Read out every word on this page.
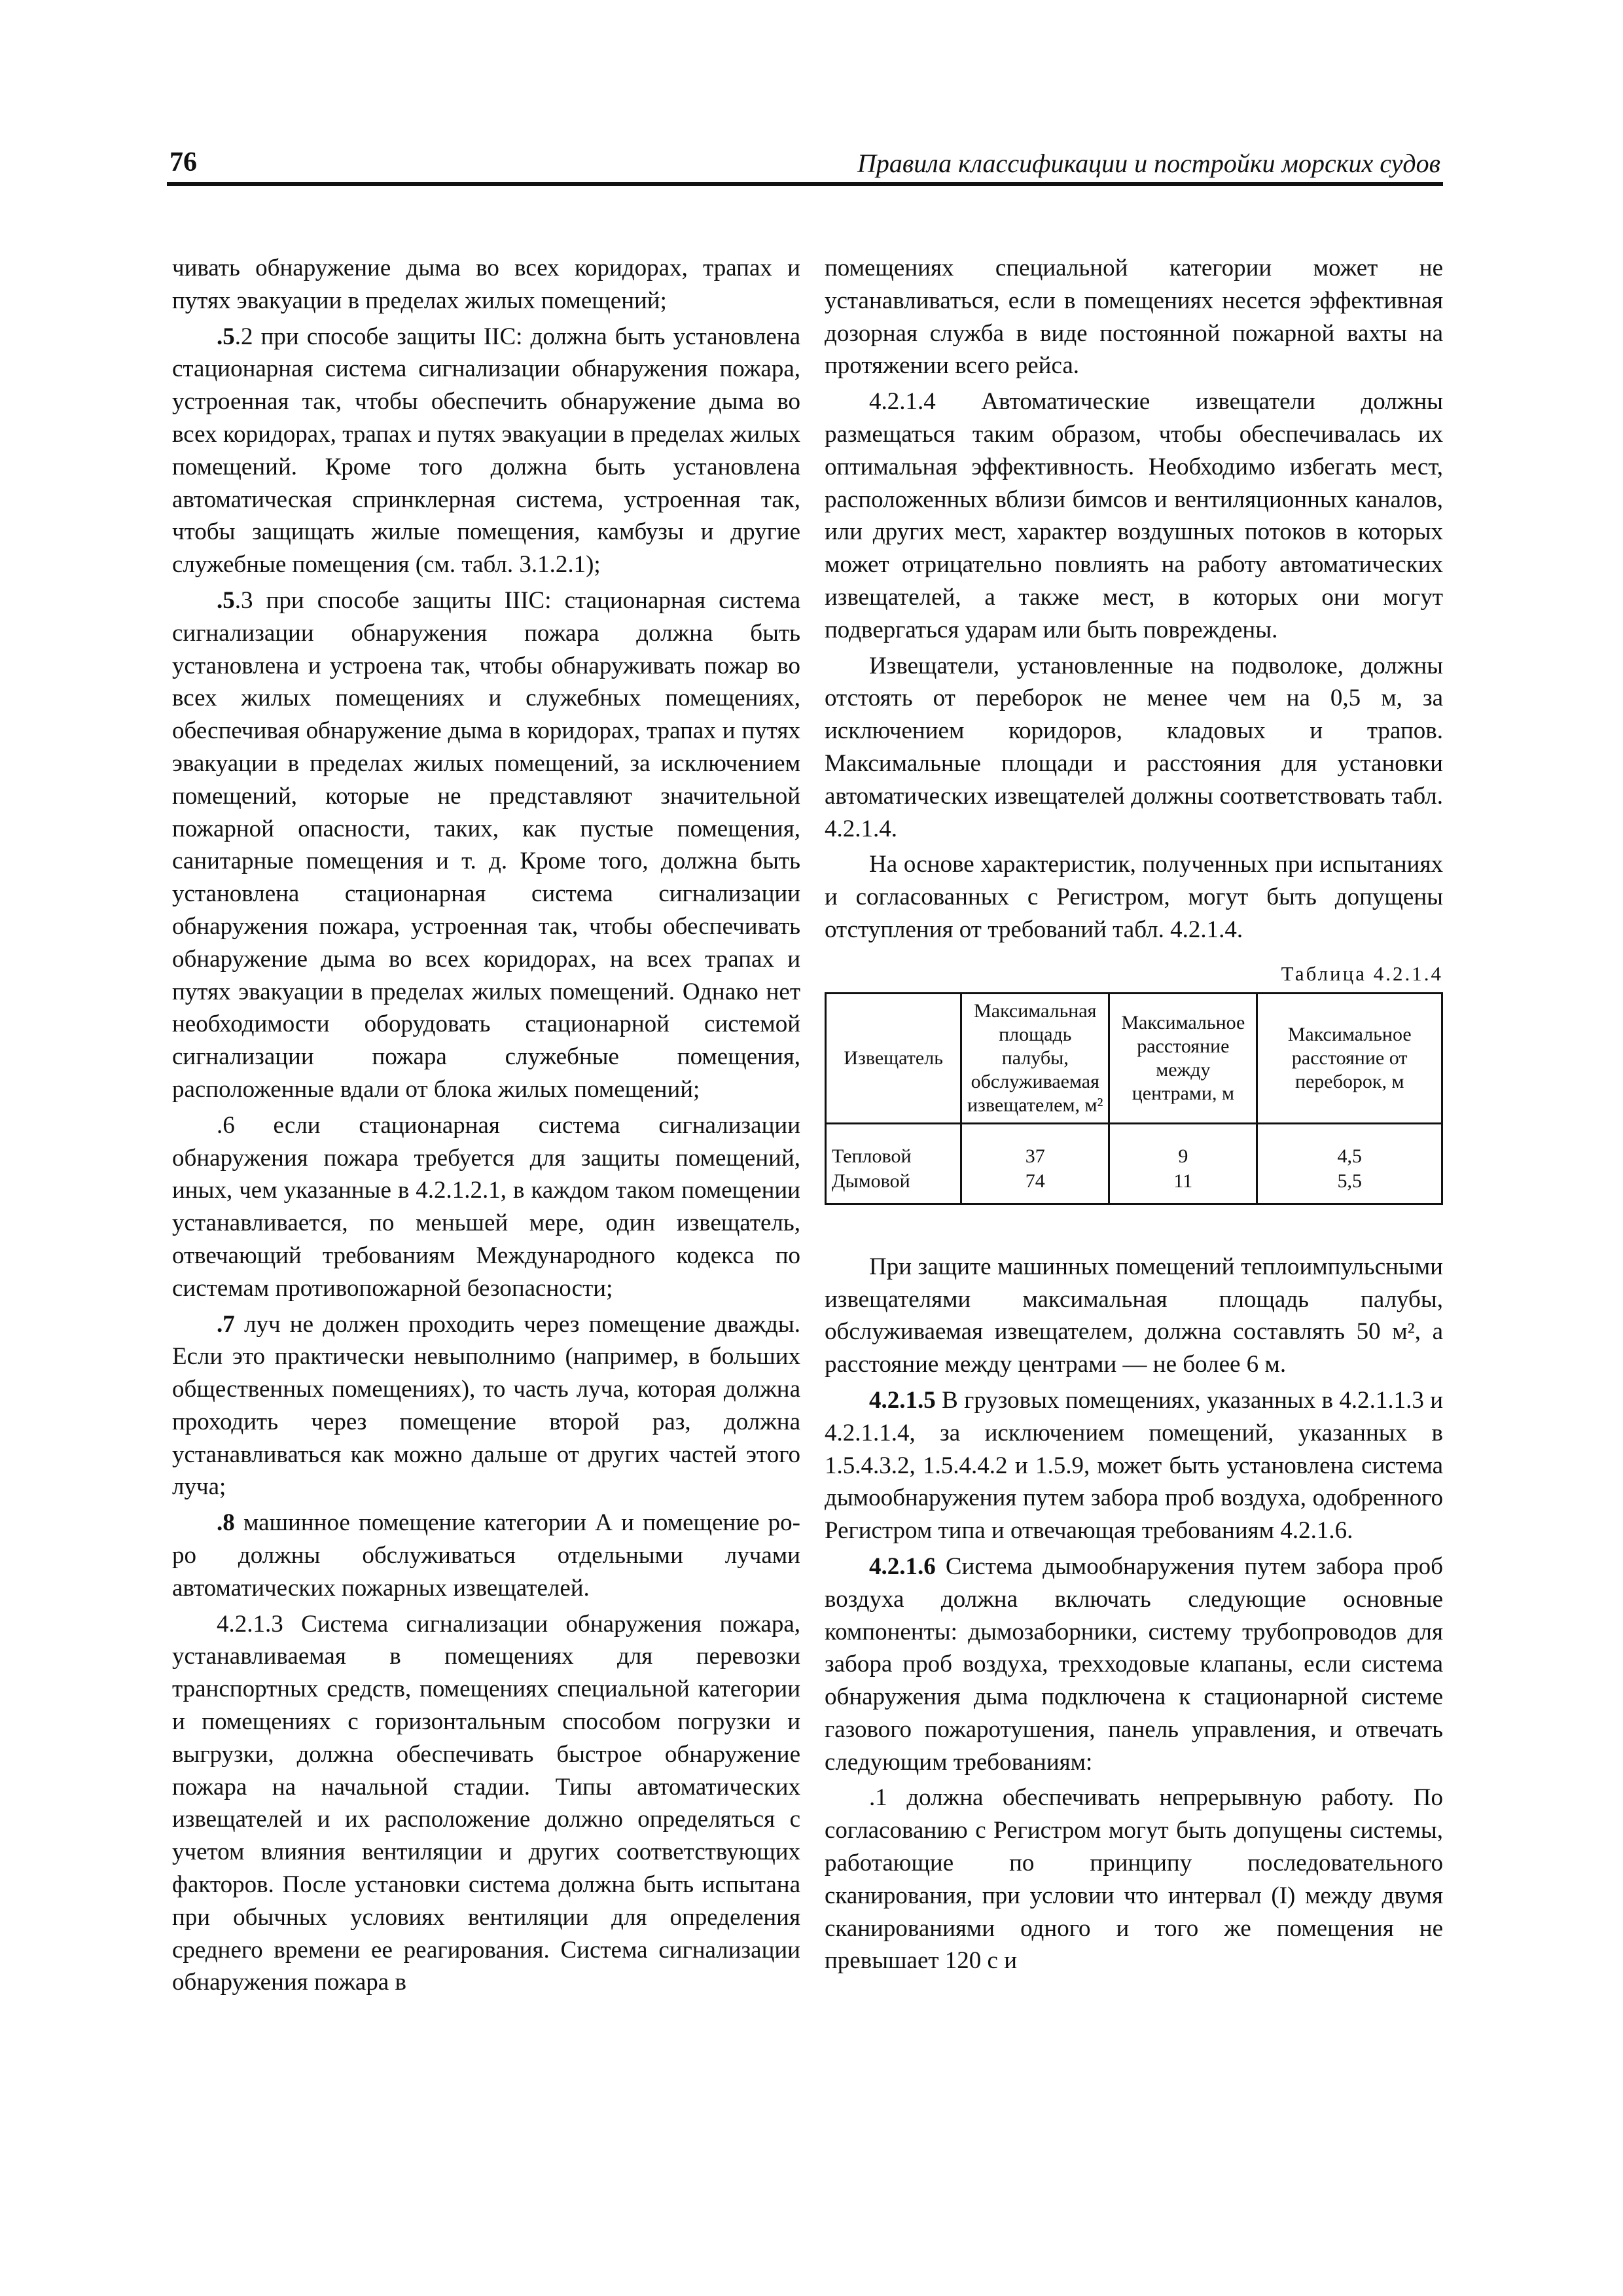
76	Правила классификации и постройки морских судов

чивать обнаружение дыма во всех коридорах, трапах и путях эвакуации в пределах жилых помещений;

.5.2 при способе защиты IIС: должна быть установлена стационарная система сигнализации обнаружения пожара, устроенная так, чтобы обеспечить обнаружение дыма во всех коридорах, трапах и путях эвакуации в пределах жилых помещений. Кроме того должна быть установлена автоматическая спринклерная система, устроенная так, чтобы защищать жилые помещения, камбузы и другие служебные помещения (см. табл. 3.1.2.1);

.5.3 при способе защиты IIIС: стационарная система сигнализации обнаружения пожара должна быть установлена и устроена так, чтобы обнаруживать пожар во всех жилых помещениях и служебных помещениях, обеспечивая обнаружение дыма в коридорах, трапах и путях эвакуации в пределах жилых помещений, за исключением помещений, которые не представляют значительной пожарной опасности, таких, как пустые помещения, санитарные помещения и т. д. Кроме того, должна быть установлена стационарная система сигнализации обнаружения пожара, устроенная так, чтобы обеспечивать обнаружение дыма во всех коридорах, на всех трапах и путях эвакуации в пределах жилых помещений. Однако нет необходимости оборудовать стационарной системой сигнализации пожара служебные помещения, расположенные вдали от блока жилых помещений;

.6 если стационарная система сигнализации обнаружения пожара требуется для защиты помещений, иных, чем указанные в 4.2.1.2.1, в каждом таком помещении устанавливается, по меньшей мере, один извещатель, отвечающий требованиям Международного кодекса по системам противопожарной безопасности;

.7 луч не должен проходить через помещение дважды. Если это практически невыполнимо (например, в больших общественных помещениях), то часть луча, которая должна проходить через помещение второй раз, должна устанавливаться как можно дальше от других частей этого луча;

.8 машинное помещение категории А и помещение ро-ро должны обслуживаться отдельными лучами автоматических пожарных извещателей.

4.2.1.3 Система сигнализации обнаружения пожара, устанавливаемая в помещениях для перевозки транспортных средств, помещениях специальной категории и помещениях с горизонтальным способом погрузки и выгрузки, должна обеспечивать быстрое обнаружение пожара на начальной стадии. Типы автоматических извещателей и их расположение должно определяться с учетом влияния вентиляции и других соответствующих факторов. После установки система должна быть испытана при обычных условиях вентиляции для определения среднего времени ее реагирования. Система сигнализации обнаружения пожара в

помещениях специальной категории может не устанавливаться, если в помещениях несется эффективная дозорная служба в виде постоянной пожарной вахты на протяжении всего рейса.

4.2.1.4 Автоматические извещатели должны размещаться таким образом, чтобы обеспечивалась их оптимальная эффективность. Необходимо избегать мест, расположенных вблизи бимсов и вентиляционных каналов, или других мест, характер воздушных потоков в которых может отрицательно повлиять на работу автоматических извещателей, а также мест, в которых они могут подвергаться ударам или быть повреждены.

Извещатели, установленные на подволоке, должны отстоять от переборок не менее чем на 0,5 м, за исключением коридоров, кладовых и трапов. Максимальные площади и расстояния для установки автоматических извещателей должны соответствовать табл. 4.2.1.4.

На основе характеристик, полученных при испытаниях и согласованных с Регистром, могут быть допущены отступления от требований табл. 4.2.1.4.

Таблица 4.2.1.4
Извещатель	Максимальная площадь палубы, обслуживаемая извещателем, м²	Максимальное расстояние между центрами, м	Максимальное расстояние от переборок, м
Тепловой	37	9	4,5
Дымовой	74	11	5,5

При защите машинных помещений теплоимпульсными извещателями максимальная площадь палубы, обслуживаемая извещателем, должна составлять 50 м², а расстояние между центрами — не более 6 м.

4.2.1.5 В грузовых помещениях, указанных в 4.2.1.1.3 и 4.2.1.1.4, за исключением помещений, указанных в 1.5.4.3.2, 1.5.4.4.2 и 1.5.9, может быть установлена система дымообнаружения путем забора проб воздуха, одобренного Регистром типа и отвечающая требованиям 4.2.1.6.

4.2.1.6 Система дымообнаружения путем забора проб воздуха должна включать следующие основные компоненты: дымозаборники, систему трубопроводов для забора проб воздуха, трехходовые клапаны, если система обнаружения дыма подключена к стационарной системе газового пожаротушения, панель управления, и отвечать следующим требованиям:

.1 должна обеспечивать непрерывную работу. По согласованию с Регистром могут быть допущены системы, работающие по принципу последовательного сканирования, при условии что интервал (I) между двумя сканированиями одного и того же помещения не превышает 120 с и
